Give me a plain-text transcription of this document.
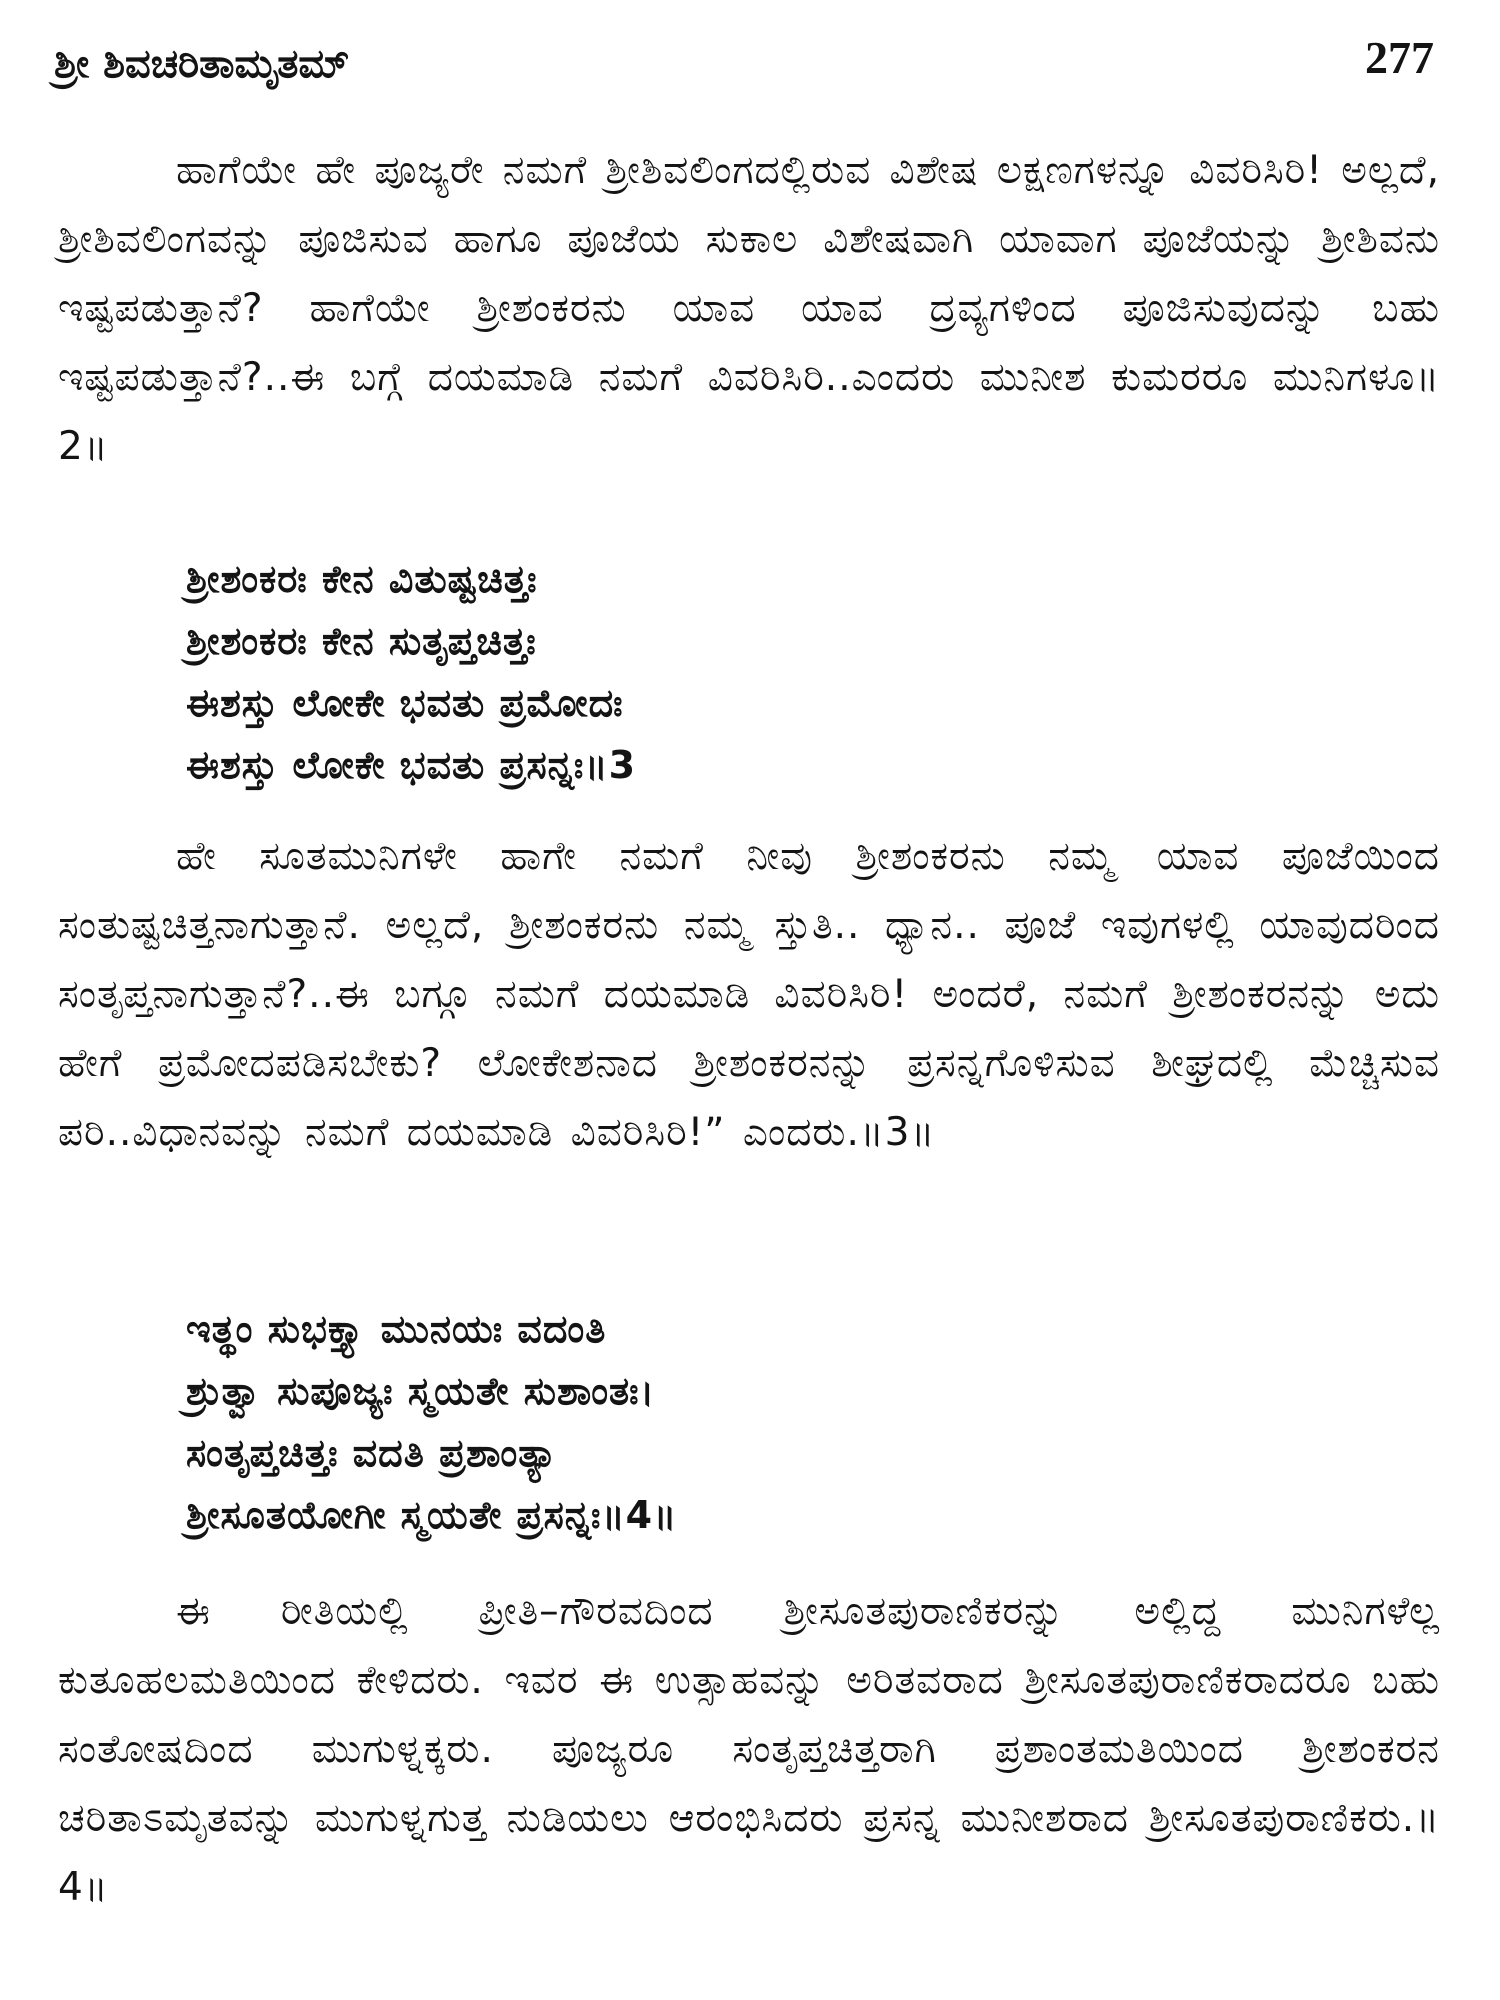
ಶ್ರೀ ಶಿವಚರಿತಾಮೃತಮ್	277

ಹಾಗೆಯೇ ಹೇ ಪೂಜ್ಯರೇ ನಮಗೆ ಶ್ರೀಶಿವಲಿಂಗದಲ್ಲಿರುವ ವಿಶೇಷ ಲಕ್ಷಣಗಳನ್ನೂ ವಿವರಿಸಿರಿ! ಅಲ್ಲದೆ, ಶ್ರೀಶಿವಲಿಂಗವನ್ನು ಪೂಜಿಸುವ ಹಾಗೂ ಪೂಜೆಯ ಸುಕಾಲ ವಿಶೇಷವಾಗಿ ಯಾವಾಗ ಪೂಜೆಯನ್ನು ಶ್ರೀಶಿವನು ಇಷ್ಟಪಡುತ್ತಾನೆ? ಹಾಗೆಯೇ ಶ್ರೀಶಂಕರನು ಯಾವ ಯಾವ ದ್ರವ್ಯಗಳಿಂದ ಪೂಜಿಸುವುದನ್ನು ಬಹು ಇಷ್ಟಪಡುತ್ತಾನೆ?..ಈ ಬಗ್ಗೆ ದಯಮಾಡಿ ನಮಗೆ ವಿವರಿಸಿರಿ..ಎಂದರು ಮುನೀಶ ಕುಮರರೂ ಮುನಿಗಳೂ॥2॥

ಶ್ರೀಶಂಕರಃ ಕೇನ ವಿತುಷ್ಟಚಿತ್ತಃ
ಶ್ರೀಶಂಕರಃ ಕೇನ ಸುತೃಪ್ತಚಿತ್ತಃ
ಈಶಸ್ತು ಲೋಕೇ ಭವತು ಪ್ರಮೋದಃ
ಈಶಸ್ತು ಲೋಕೇ ಭವತು ಪ್ರಸನ್ನಃ॥3

ಹೇ ಸೂತಮುನಿಗಳೇ ಹಾಗೇ ನಮಗೆ ನೀವು ಶ್ರೀಶಂಕರನು ನಮ್ಮ ಯಾವ ಪೂಜೆಯಿಂದ ಸಂತುಷ್ಟಚಿತ್ತನಾಗುತ್ತಾನೆ. ಅಲ್ಲದೆ, ಶ್ರೀಶಂಕರನು ನಮ್ಮ ಸ್ತುತಿ.. ಧ್ಯಾನ.. ಪೂಜೆ ಇವುಗಳಲ್ಲಿ ಯಾವುದರಿಂದ ಸಂತೃಪ್ತನಾಗುತ್ತಾನೆ?..ಈ ಬಗ್ಗೂ ನಮಗೆ ದಯಮಾಡಿ ವಿವರಿಸಿರಿ! ಅಂದರೆ, ನಮಗೆ ಶ್ರೀಶಂಕರನನ್ನು ಅದು ಹೇಗೆ ಪ್ರಮೋದಪಡಿಸಬೇಕು? ಲೋಕೇಶನಾದ ಶ್ರೀಶಂಕರನನ್ನು ಪ್ರಸನ್ನಗೊಳಿಸುವ ಶೀಘ್ರದಲ್ಲಿ ಮೆಚ್ಚಿಸುವ ಪರಿ..ವಿಧಾನವನ್ನು ನಮಗೆ ದಯಮಾಡಿ ವಿವರಿಸಿರಿ!” ಎಂದರು.॥3॥

ಇತ್ಥಂ ಸುಭಕ್ತ್ಯಾ ಮುನಯಃ ವದಂತಿ
ಶ್ರುತ್ವಾ ಸುಪೂಜ್ಯಃ ಸ್ಮಯತೇ ಸುಶಾಂತಃ।
ಸಂತೃಪ್ತಚಿತ್ತಃ ವದತಿ ಪ್ರಶಾಂತ್ಯಾ
ಶ್ರೀಸೂತಯೋಗೀ ಸ್ಮಯತೇ ಪ್ರಸನ್ನಃ॥4॥

ಈ ರೀತಿಯಲ್ಲಿ ಪ್ರೀತಿ–ಗೌರವದಿಂದ ಶ್ರೀಸೂತಪುರಾಣಿಕರನ್ನು ಅಲ್ಲಿದ್ದ ಮುನಿಗಳೆಲ್ಲ ಕುತೂಹಲಮತಿಯಿಂದ ಕೇಳಿದರು. ಇವರ ಈ ಉತ್ಸಾಹವನ್ನು ಅರಿತವರಾದ ಶ್ರೀಸೂತಪುರಾಣಿಕರಾದರೂ ಬಹು ಸಂತೋಷದಿಂದ ಮುಗುಳ್ನಕ್ಕರು. ಪೂಜ್ಯರೂ ಸಂತೃಪ್ತಚಿತ್ತರಾಗಿ ಪ್ರಶಾಂತಮತಿಯಿಂದ ಶ್ರೀಶಂಕರನ ಚರಿತಾಽಮೃತವನ್ನು ಮುಗುಳ್ನಗುತ್ತ ನುಡಿಯಲು ಆರಂಭಿಸಿದರು ಪ್ರಸನ್ನ ಮುನೀಶರಾದ ಶ್ರೀಸೂತಪುರಾಣಿಕರು.॥4॥
